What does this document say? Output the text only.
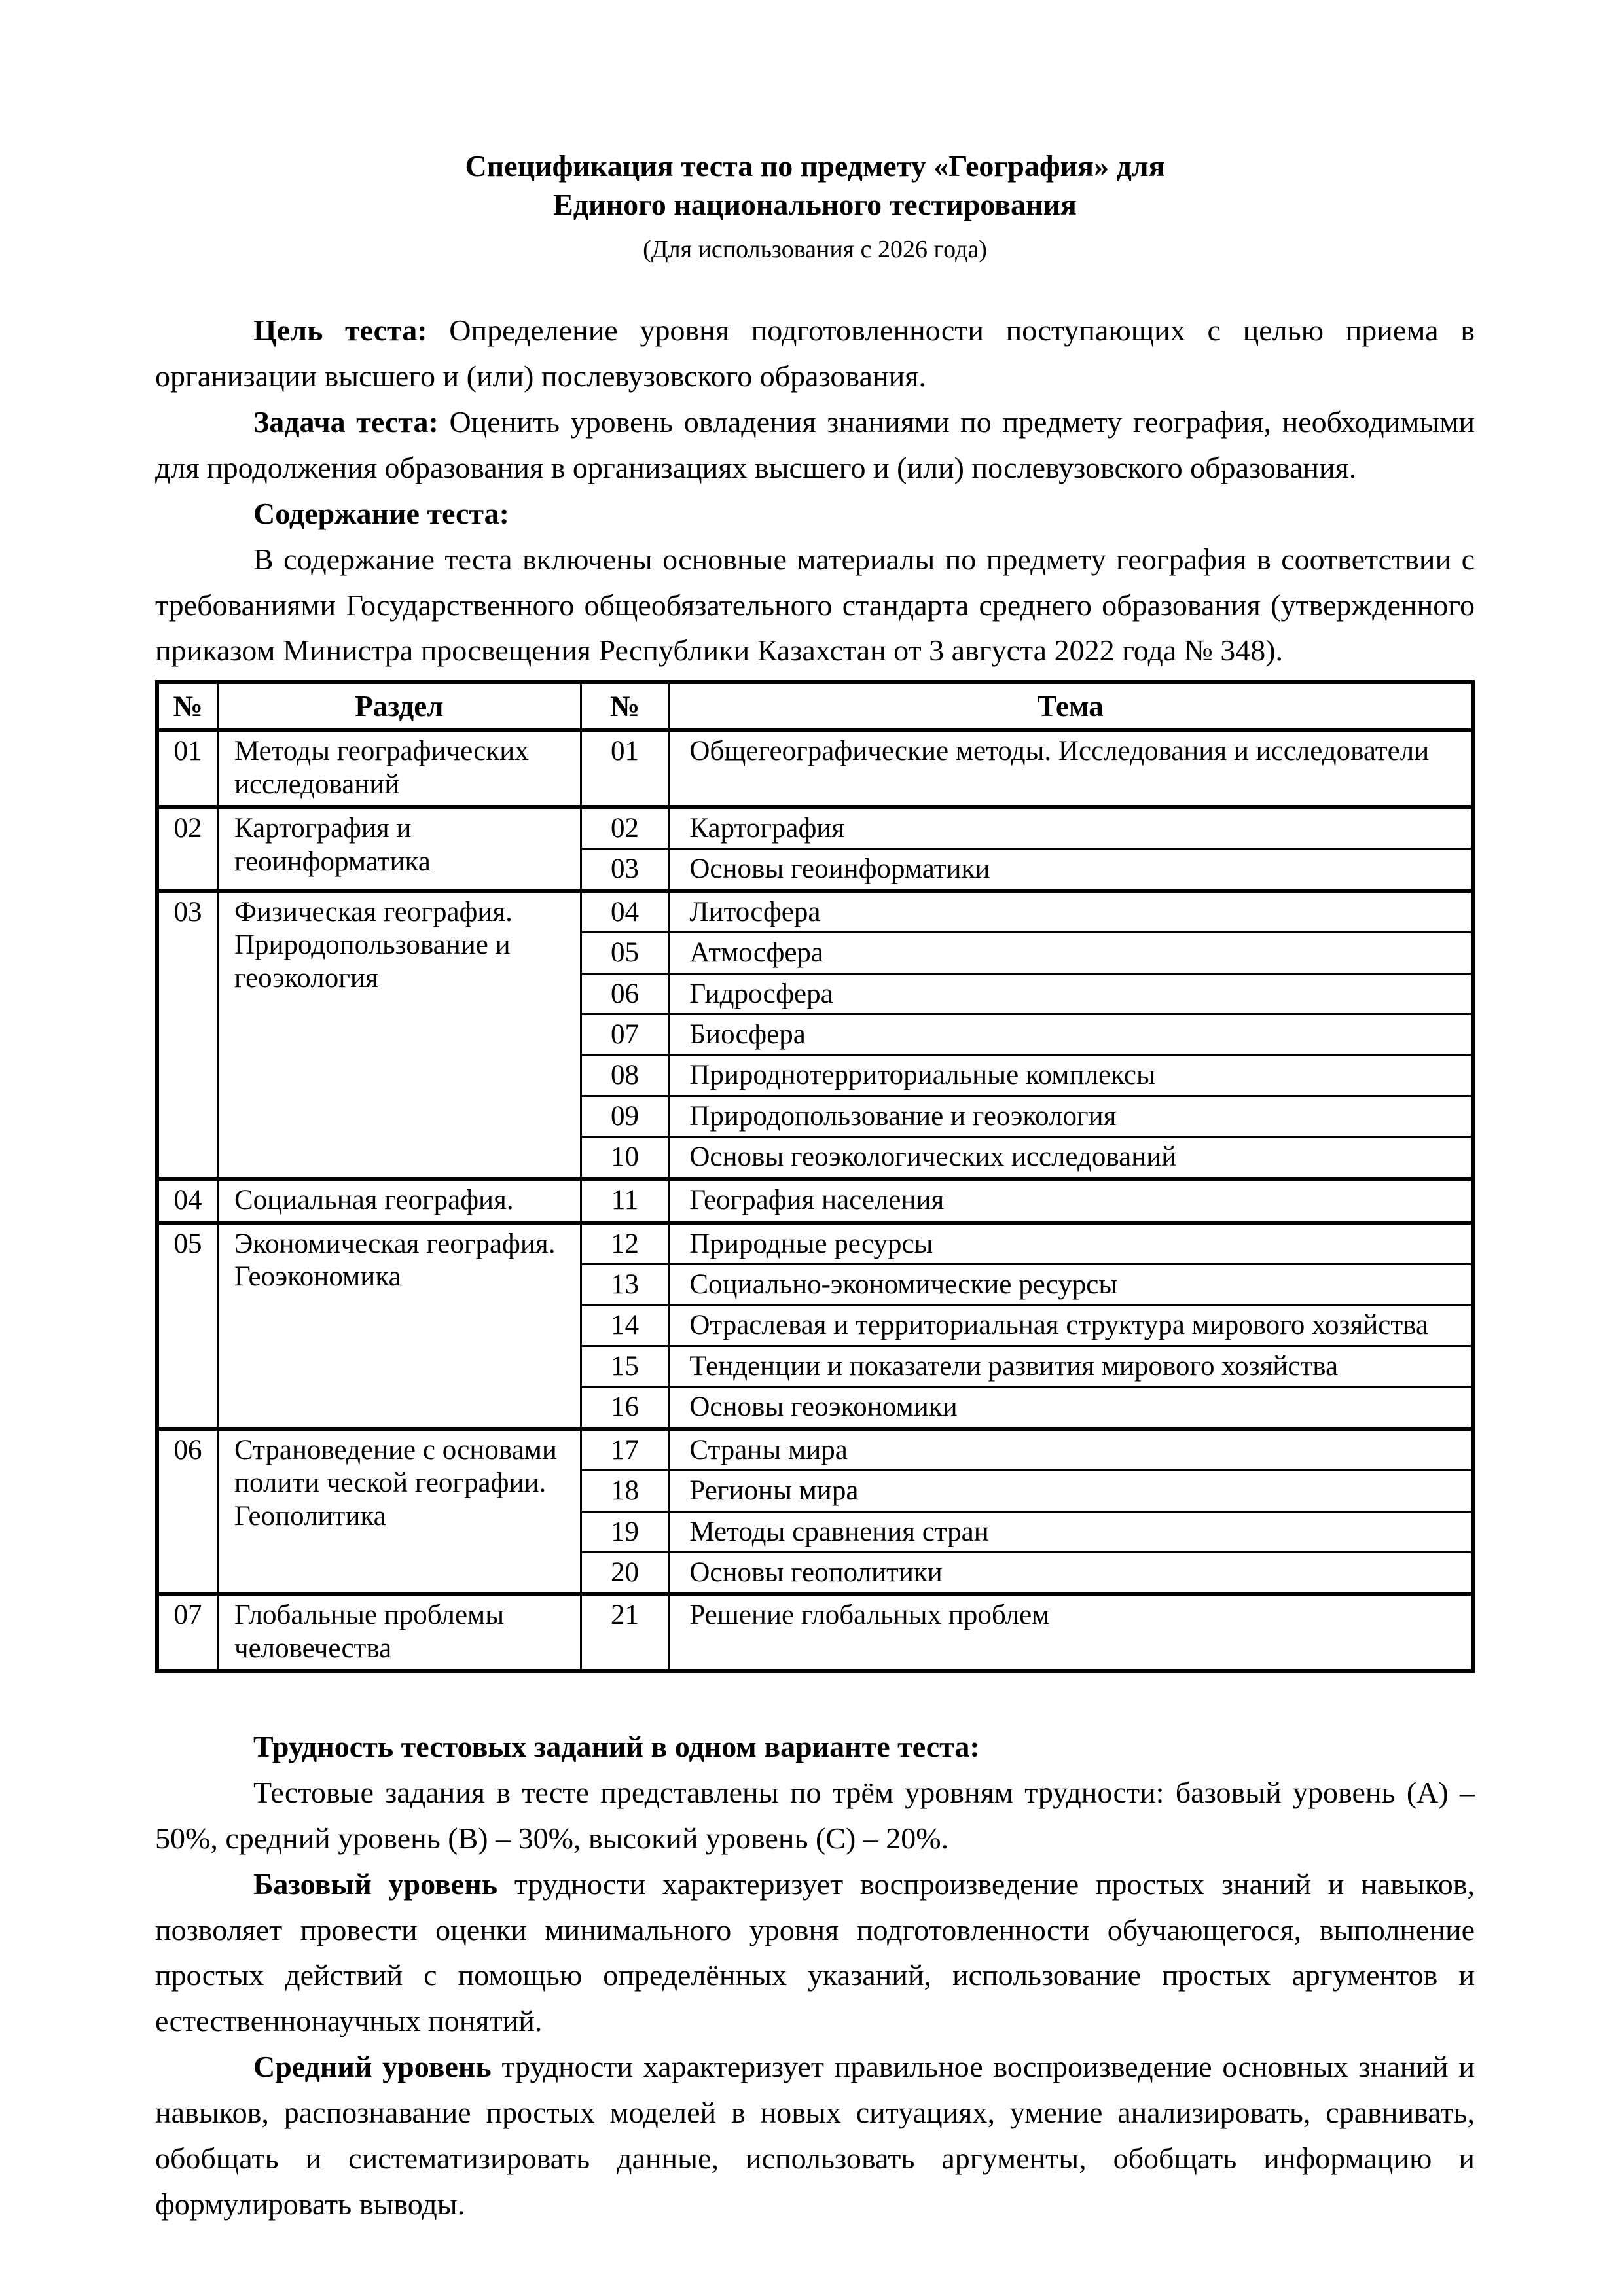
Спецификация теста по предмету «География» для
Единого национального тестирования
(Для использования с 2026 года)

Цель теста: Определение уровня подготовленности поступающих с целью приема в организации высшего и (или) послевузовского образования.

Задача теста: Оценить уровень овладения знаниями по предмету география, необходимыми для продолжения образования в организациях высшего и (или) послевузовского образования.

Содержание теста:

В содержание теста включены основные материалы по предмету география в соответствии с требованиями Государственного общеобязательного стандарта среднего образования (утвержденного приказом Министра просвещения Республики Казахстан от 3 августа 2022 года № 348).

№	Раздел	№	Тема
01	Методы географических исследований	01	Общегеографические методы. Исследования и исследователи
02	Картография и геоинформатика	02	Картография
		03	Основы геоинформатики
03	Физическая география. Природопользование и геоэкология	04	Литосфера
		05	Атмосфера
		06	Гидросфера
		07	Биосфера
		08	Природнотерриториальные комплексы
		09	Природопользование и геоэкология
		10	Основы геоэкологических исследований
04	Социальная география.	11	География населения
05	Экономическая география. Геоэкономика	12	Природные ресурсы
		13	Социально-экономические ресурсы
		14	Отраслевая и территориальная структура мирового хозяйства
		15	Тенденции и показатели развития мирового хозяйства
		16	Основы геоэкономики
06	Страноведение с основами полити ческой географии. Геополитика	17	Страны мира
		18	Регионы мира
		19	Методы сравнения стран
		20	Основы геополитики
07	Глобальные проблемы человечества	21	Решение глобальных проблем

Трудность тестовых заданий в одном варианте теста:

Тестовые задания в тесте представлены по трём уровням трудности: базовый уровень (А) – 50%, средний уровень (В) – 30%, высокий уровень (С) – 20%.

Базовый уровень трудности характеризует воспроизведение простых знаний и навыков, позволяет провести оценки минимального уровня подготовленности обучающегося, выполнение простых действий с помощью определённых указаний, использование простых аргументов и естественнонаучных понятий.

Средний уровень трудности характеризует правильное воспроизведение основных знаний и навыков, распознавание простых моделей в новых ситуациях, умение анализировать, сравнивать, обобщать и систематизировать данные, использовать аргументы, обобщать информацию и формулировать выводы.
